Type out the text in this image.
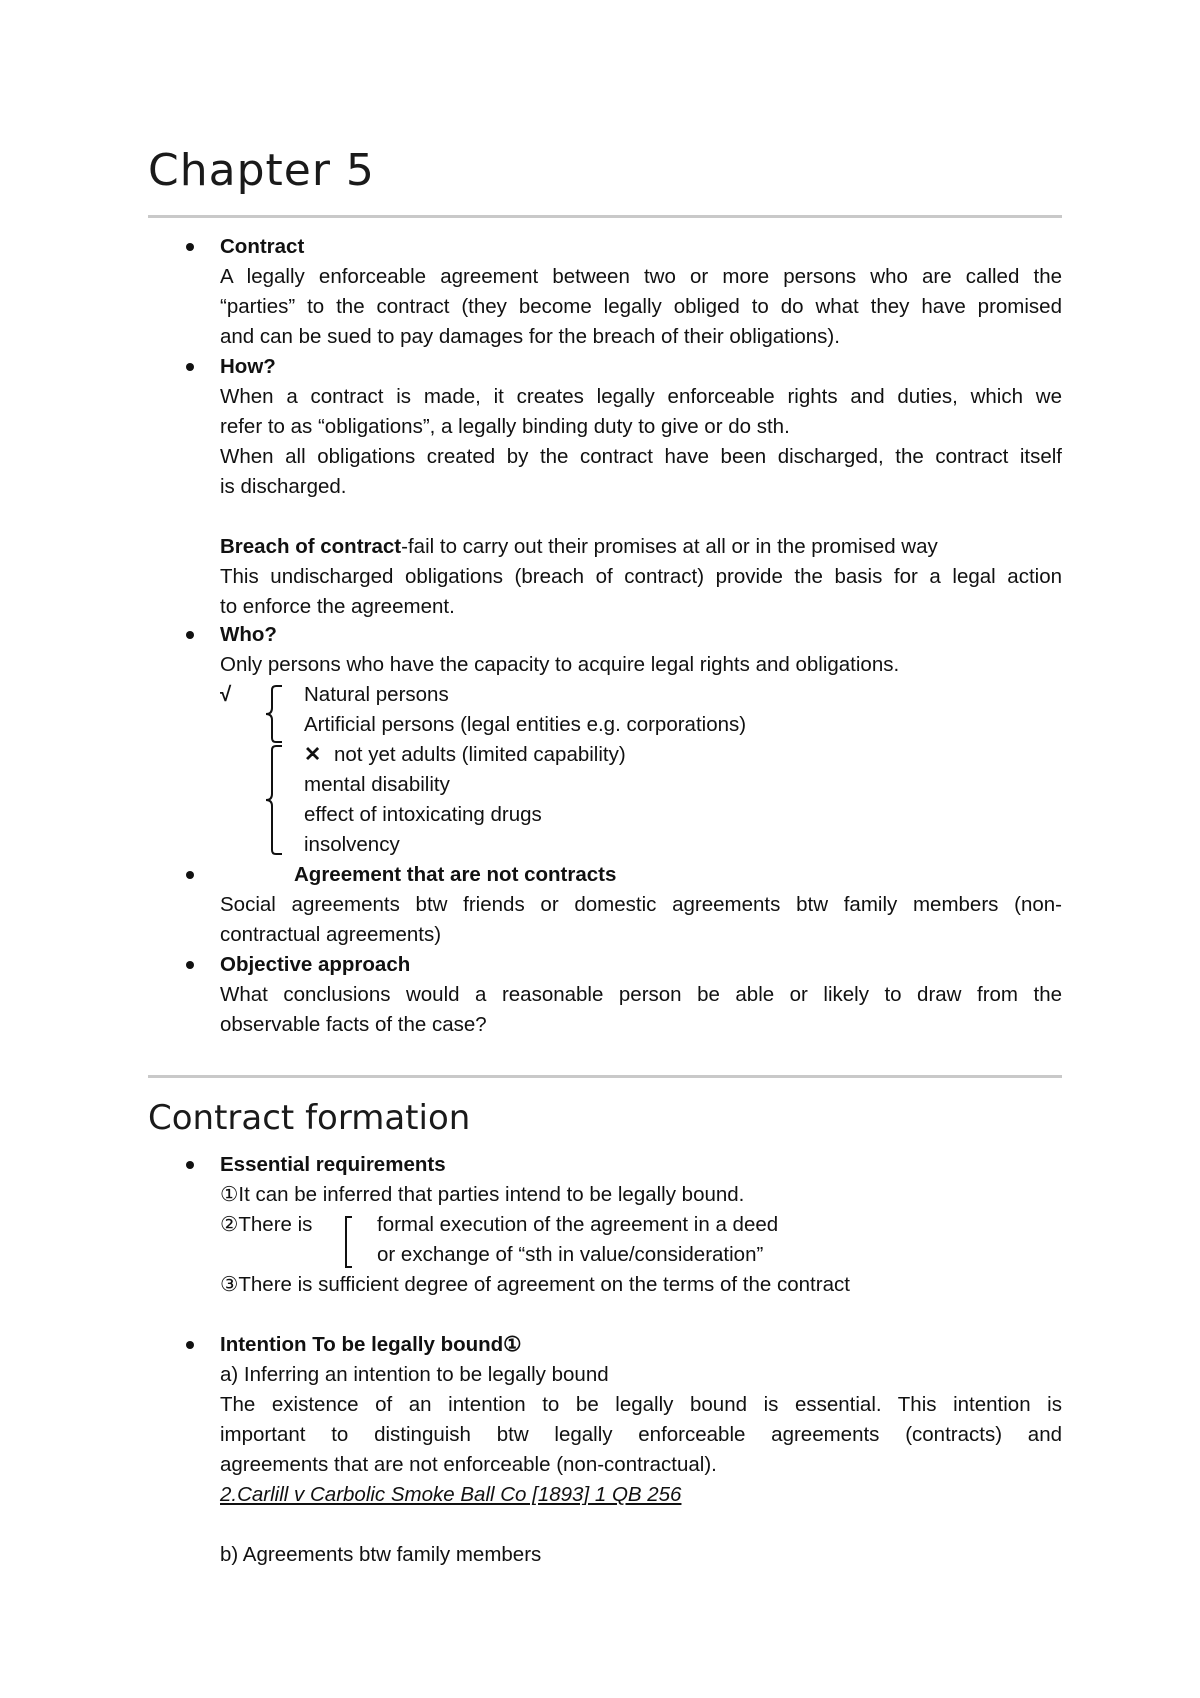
Chapter 5
Contract
A legally enforceable agreement between two or more persons who are called the
“parties” to the contract (they become legally obliged to do what they have promised
and can be sued to pay damages for the breach of their obligations).
How?
When a contract is made, it creates legally enforceable rights and duties, which we
refer to as “obligations”, a legally binding duty to give or do sth.
When all obligations created by the contract have been discharged, the contract itself
is discharged.
Breach of contract-fail to carry out their promises at all or in the promised way
This undischarged obligations (breach of contract) provide the basis for a legal action
to enforce the agreement.
Who?
Only persons who have the capacity to acquire legal rights and obligations.
√	Natural persons
Artificial persons (legal entities e.g. corporations)
✕ not yet adults (limited capability)
mental disability
effect of intoxicating drugs
insolvency
Agreement that are not contracts
Social agreements btw friends or domestic agreements btw family members (non-
contractual agreements)
Objective approach
What conclusions would a reasonable person be able or likely to draw from the
observable facts of the case?
Contract formation
Essential requirements
①It can be inferred that parties intend to be legally bound.
②There is	formal execution of the agreement in a deed
or exchange of “sth in value/consideration”
③There is sufficient degree of agreement on the terms of the contract
Intention To be legally bound①
a) Inferring an intention to be legally bound
The existence of an intention to be legally bound is essential. This intention is
important to distinguish btw legally enforceable agreements (contracts) and
agreements that are not enforceable (non-contractual).
2.Carlill v Carbolic Smoke Ball Co [1893] 1 QB 256
b) Agreements btw family members
